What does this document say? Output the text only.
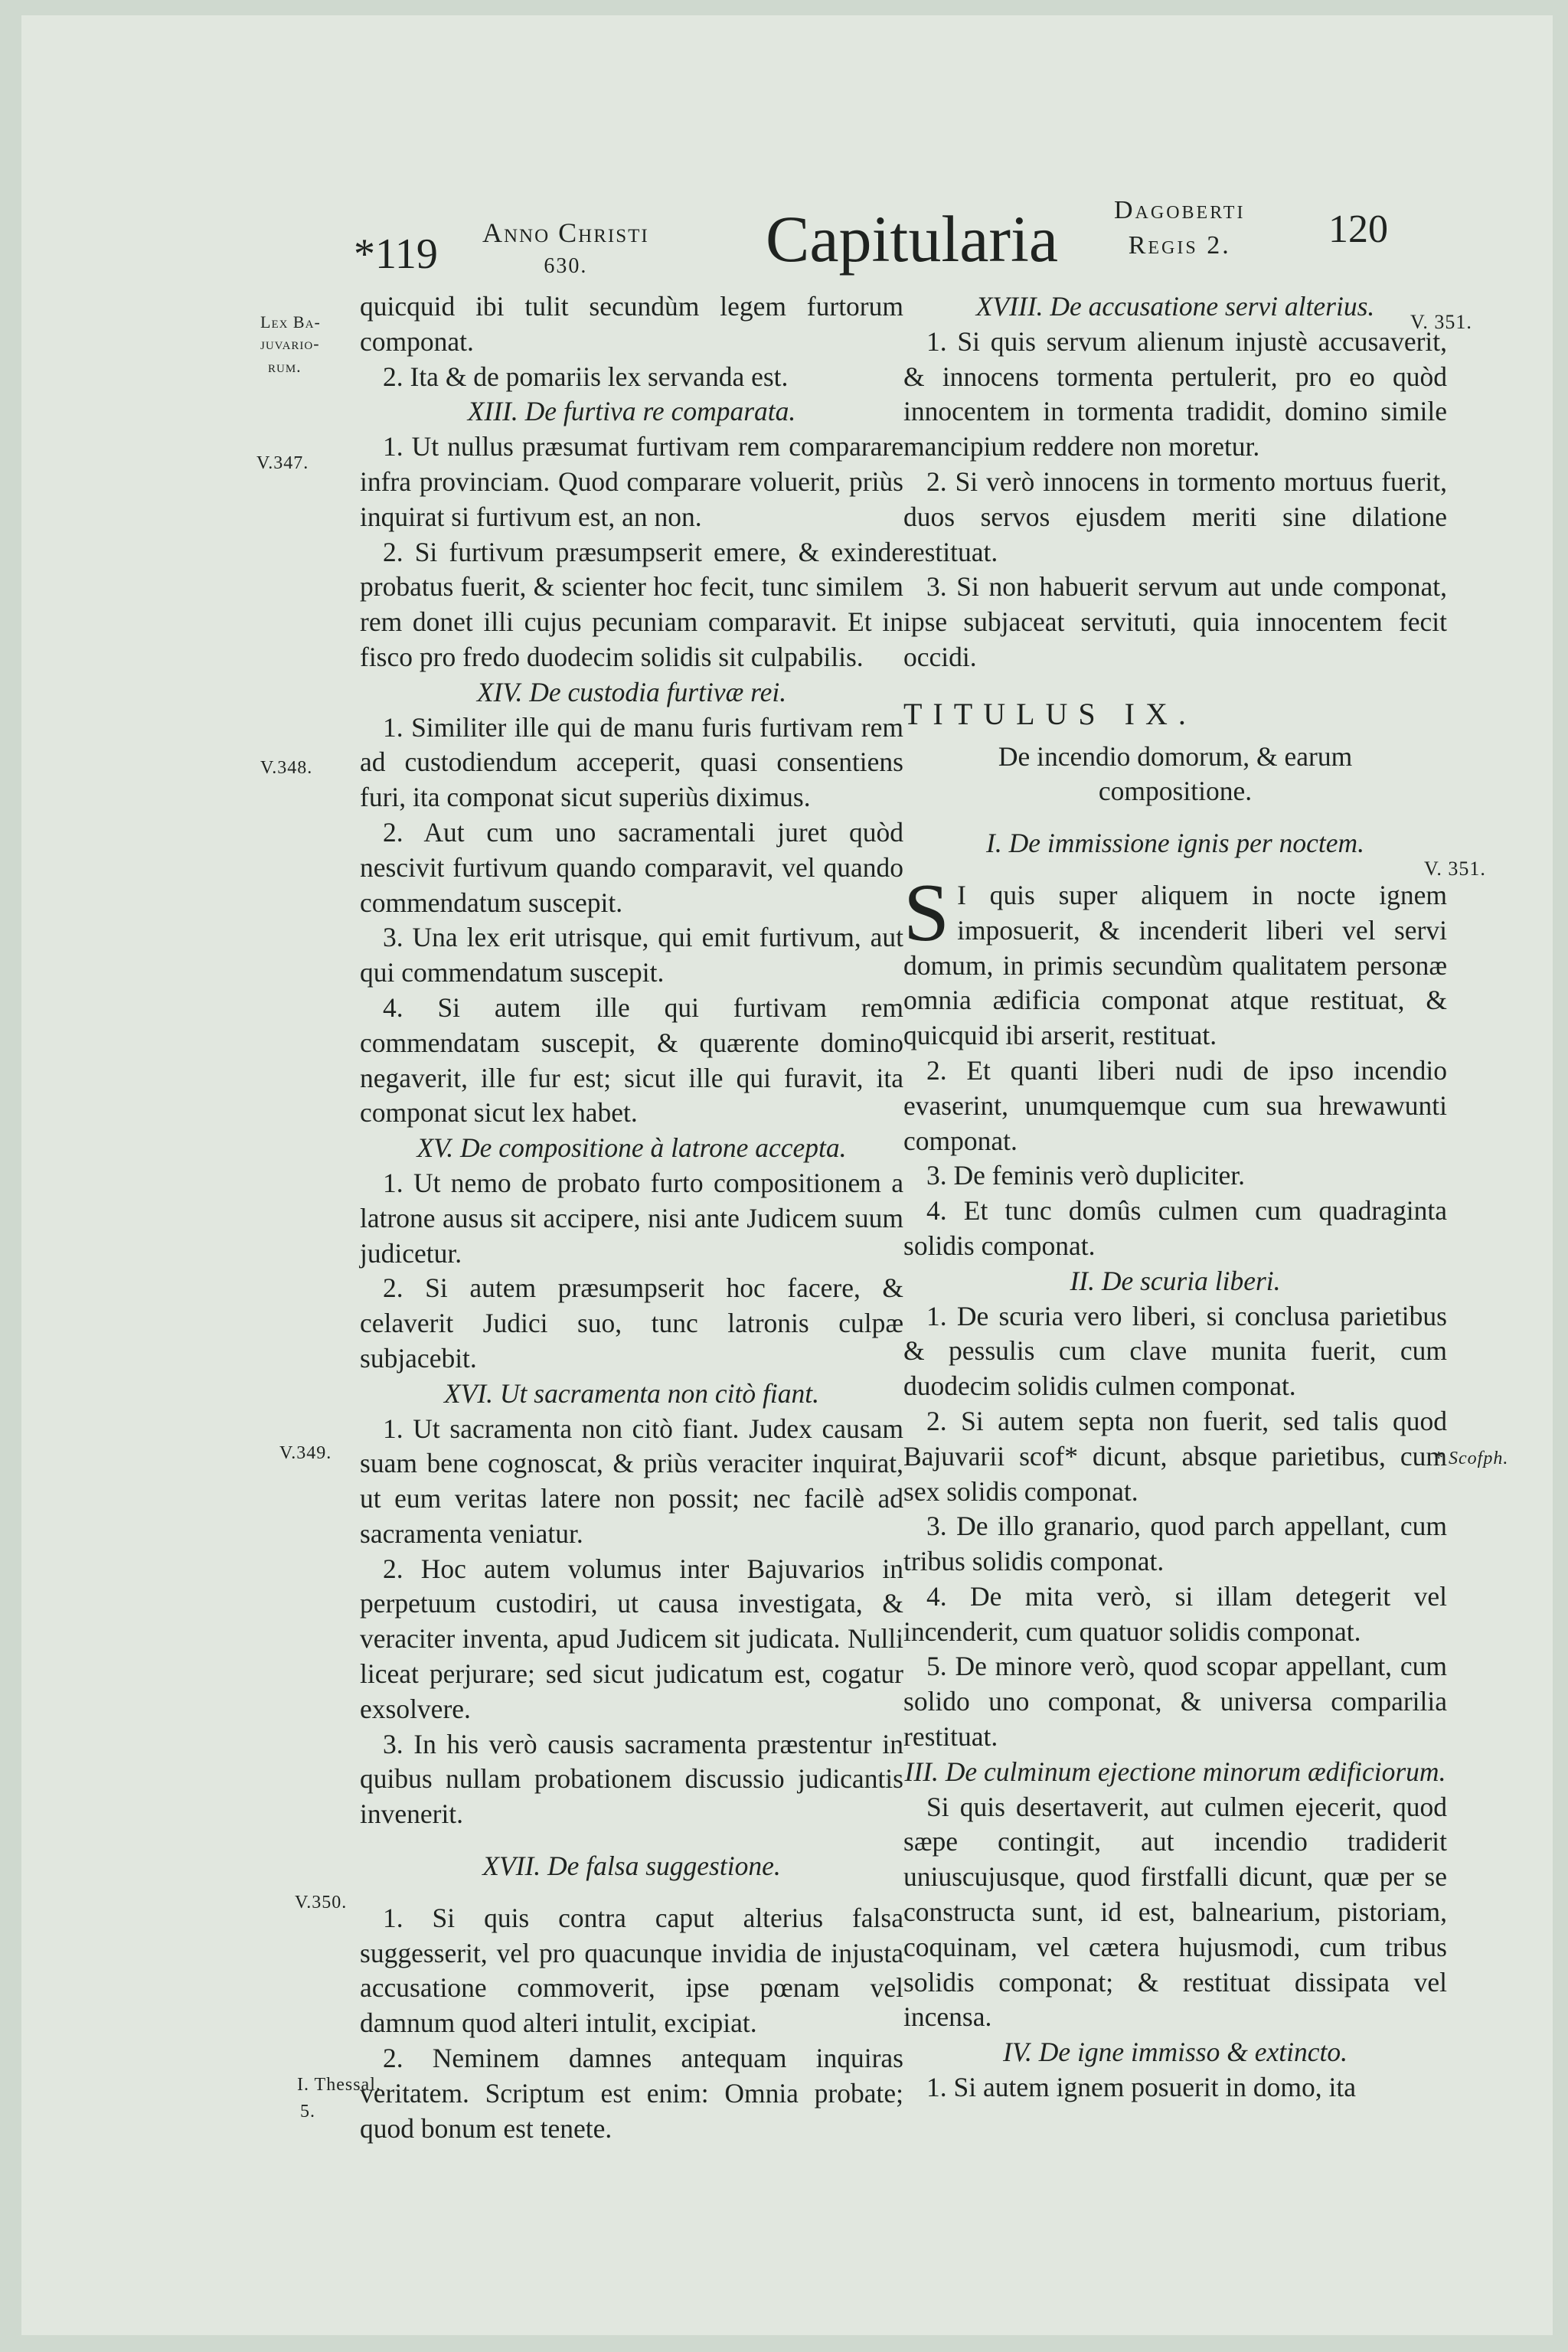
*119 Anno Christi
630.	Capitularia Dagoberti
Regis 2.	120
Lex Ba-
juvario-
rum.
V.347.
V.348.
V.349.
V.350.
I. Thessal.
5.
V. 351.
V. 351.
* Scofph.

quicquid ibi tulit secundùm legem furtorum componat.

2. Ita & de pomariis lex servanda est.

XIII. De furtiva re comparata.

1. Ut nullus præsumat furtivam rem comparare infra provinciam. Quod comparare voluerit, priùs inquirat si furtivum est, an non.

2. Si furtivum præsumpserit emere, & exinde probatus fuerit, & scienter hoc fecit, tunc similem rem donet illi cujus pecuniam comparavit. Et in fisco pro fredo duodecim solidis sit culpabilis.

XIV. De custodia furtivæ rei.

1. Similiter ille qui de manu furis furtivam rem ad custodiendum acceperit, quasi consentiens furi, ita componat sicut superiùs diximus.

2. Aut cum uno sacramentali juret quòd nescivit furtivum quando comparavit, vel quando commendatum suscepit.

3. Una lex erit utrisque, qui emit furtivum, aut qui commendatum suscepit.

4. Si autem ille qui furtivam rem commendatam suscepit, & quærente domino negaverit, ille fur est; sicut ille qui furavit, ita componat sicut lex habet.

XV. De compositione à latrone accepta.

1. Ut nemo de probato furto compositionem a latrone ausus sit accipere, nisi ante Judicem suum judicetur.

2. Si autem præsumpserit hoc facere, & celaverit Judici suo, tunc latronis culpæ subjacebit.

XVI. Ut sacramenta non citò fiant.

1. Ut sacramenta non citò fiant. Judex causam suam bene cognoscat, & priùs veraciter inquirat, ut eum veritas latere non possit; nec facilè ad sacramenta veniatur.

2. Hoc autem volumus inter Bajuvarios in perpetuum custodiri, ut causa investigata, & veraciter inventa, apud Judicem sit judicata. Nulli liceat perjurare; sed sicut judicatum est, cogatur exsolvere.

3. In his verò causis sacramenta præstentur in quibus nullam probationem discussio judicantis invenerit.

XVII. De falsa suggestione.

1. Si quis contra caput alterius falsa suggesserit, vel pro quacunque invidia de injusta accusatione commoverit, ipse pœnam vel damnum quod alteri intulit, excipiat.

2. Neminem damnes antequam inquiras veritatem. Scriptum est enim: Omnia probate; quod bonum est tenete.

XVIII. De accusatione servi alterius.

1. Si quis servum alienum injustè accusaverit, & innocens tormenta pertulerit, pro eo quòd innocentem in tormenta tradidit, domino simile mancipium reddere non moretur.

2. Si verò innocens in tormento mortuus fuerit, duos servos ejusdem meriti sine dilatione restituat.

3. Si non habuerit servum aut unde componat, ipse subjaceat servituti, quia innocentem fecit occidi.

TITULUS IX.

De incendio domorum, & earum compositione.

I. De immissione ignis per noctem.

S I quis super aliquem in nocte ignem imposuerit, & incenderit liberi vel servi domum, in primis secundùm qualitatem personæ omnia ædificia componat atque restituat, & quicquid ibi arserit, restituat.

2. Et quanti liberi nudi de ipso incendio evaserint, unumquemque cum sua hrewawunti componat.

3. De feminis verò dupliciter.

4. Et tunc domûs culmen cum quadraginta solidis componat.

II. De scuria liberi.

1. De scuria vero liberi, si conclusa parietibus & pessulis cum clave munita fuerit, cum duodecim solidis culmen componat.

2. Si autem septa non fuerit, sed talis quod Bajuvarii scof* dicunt, absque parietibus, cum sex solidis componat.

3. De illo granario, quod parch appellant, cum tribus solidis componat.

4. De mita verò, si illam detegerit vel incenderit, cum quatuor solidis componat.

5. De minore verò, quod scopar appellant, cum solido uno componat, & universa comparilia restituat.

III. De culminum ejectione minorum ædificiorum.

Si quis desertaverit, aut culmen ejecerit, quod sæpe contingit, aut incendio tradiderit uniuscujusque, quod firstfalli dicunt, quæ per se constructa sunt, id est, balnearium, pistoriam, coquinam, vel cætera hujusmodi, cum tribus solidis componat; & restituat dissipata vel incensa.

IV. De igne immisso & extincto.

1. Si autem ignem posuerit in domo, ita
